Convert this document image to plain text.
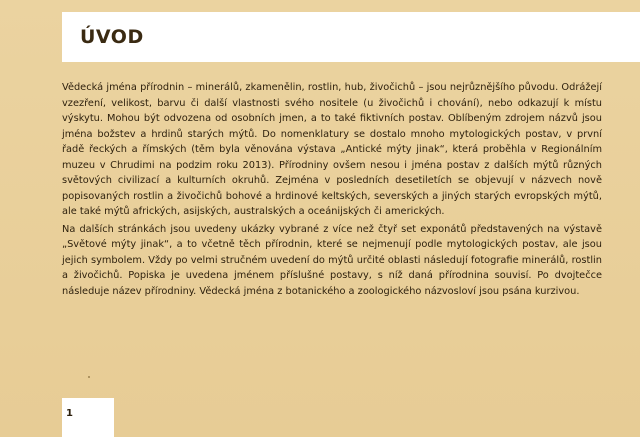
ÚVOD

Vědecká jména přírodnin – minerálů, zkamenělin, rostlin, hub, živočichů – jsou nejrůznějšího původu. Odrážejí vzezření, velikost, barvu či další vlastnosti svého nositele (u živočichů i chování), nebo odkazují k místu výskytu. Mohou být odvozena od osobních jmen, a to také fiktivních postav. Oblíbeným zdrojem názvů jsou jména božstev a hrdinů starých mýtů. Do nomenklatury se dostalo mnoho mytologických postav, v první řadě řeckých a římských (těm byla věnována výstava „Antické mýty jinak“, která proběhla v Regionálním muzeu v Chrudimi na podzim roku 2013). Přírodniny ovšem nesou i jména postav z dalších mýtů různých světových civilizací a kulturních okruhů. Zejména v posledních desetiletích se objevují v názvech nově popisovaných rostlin a živočichů bohové a hrdinové keltských, severských a jiných starých evropských mýtů, ale také mýtů afrických, asijských, australských a oceánijských či amerických.

Na dalších stránkách jsou uvedeny ukázky vybrané z více než čtyř set exponátů představených na výstavě „Světové mýty jinak“, a to včetně těch přírodnin, které se nejmenují podle mytologických postav, ale jsou jejich symbolem. Vždy po velmi stručném uvedení do mýtů určité oblasti následují fotografie minerálů, rostlin a živočichů. Popiska je uvedena jménem příslušné postavy, s níž daná přírodnina souvisí. Po dvojtečce následuje název přírodniny. Vědecká jména z botanického a zoologického názvosloví jsou psána kurzivou.

1
